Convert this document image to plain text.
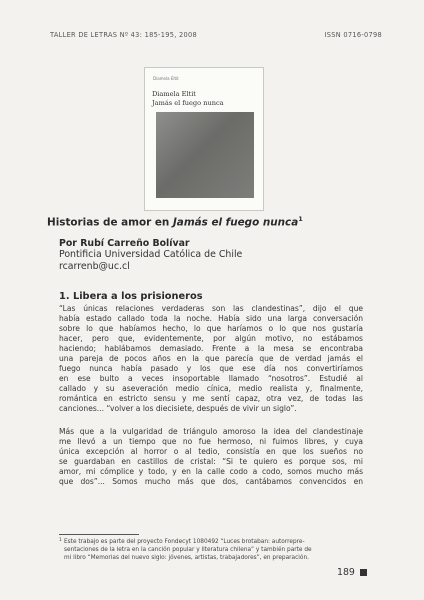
TALLER DE LETRAS Nº 43: 185-195, 2008	ISSN 0716-0798
Diamela Eltit
Diamela Eltit
Jamás el fuego nunca
Historias de amor en Jamás el fuego nunca$^1$
Por Rubí Carreño Bolívar
Pontificia Universidad Católica de Chile
rcarrenb@uc.cl
1. Libera a los prisioneros
“Las únicas relaciones verdaderas son las clandestinas”, dijo el que
había estado callado toda la noche. Había sido una larga conversación
sobre lo que habíamos hecho, lo que haríamos o lo que nos gustaría
hacer, pero que, evidentemente, por algún motivo, no estábamos
haciendo; hablábamos demasiado. Frente a la mesa se encontraba
una pareja de pocos años en la que parecía que de verdad jamás el
fuego nunca había pasado y los que ese día nos convertiríamos
en ese bulto a veces insoportable llamado “nosotros”. Estudié al
callado y su aseveración medio cínica, medio realista y, finalmente,
romántica en estricto sensu y me sentí capaz, otra vez, de todas las
canciones... “volver a los diecisiete, después de vivir un siglo”.
Más que a la vulgaridad de triángulo amoroso la idea del clandestinaje
me llevó a un tiempo que no fue hermoso, ni fuimos libres, y cuya
única excepción al horror o al tedio, consistía en que los sueños no
se guardaban en castillos de cristal: “Si te quiero es porque sos, mi
amor, mi cómplice y todo, y en la calle codo a codo, somos mucho más
que dos”... Somos mucho más que dos, cantábamos convencidos en
1 Este trabajo es parte del proyecto Fondecyt 1080492 “Luces brotaban: autorrepre-
sentaciones de la letra en la canción popular y literatura chilena” y también parte de
mi libro “Memorias del nuevo siglo: jóvenes, artistas, trabajadores”, en preparación.
189
